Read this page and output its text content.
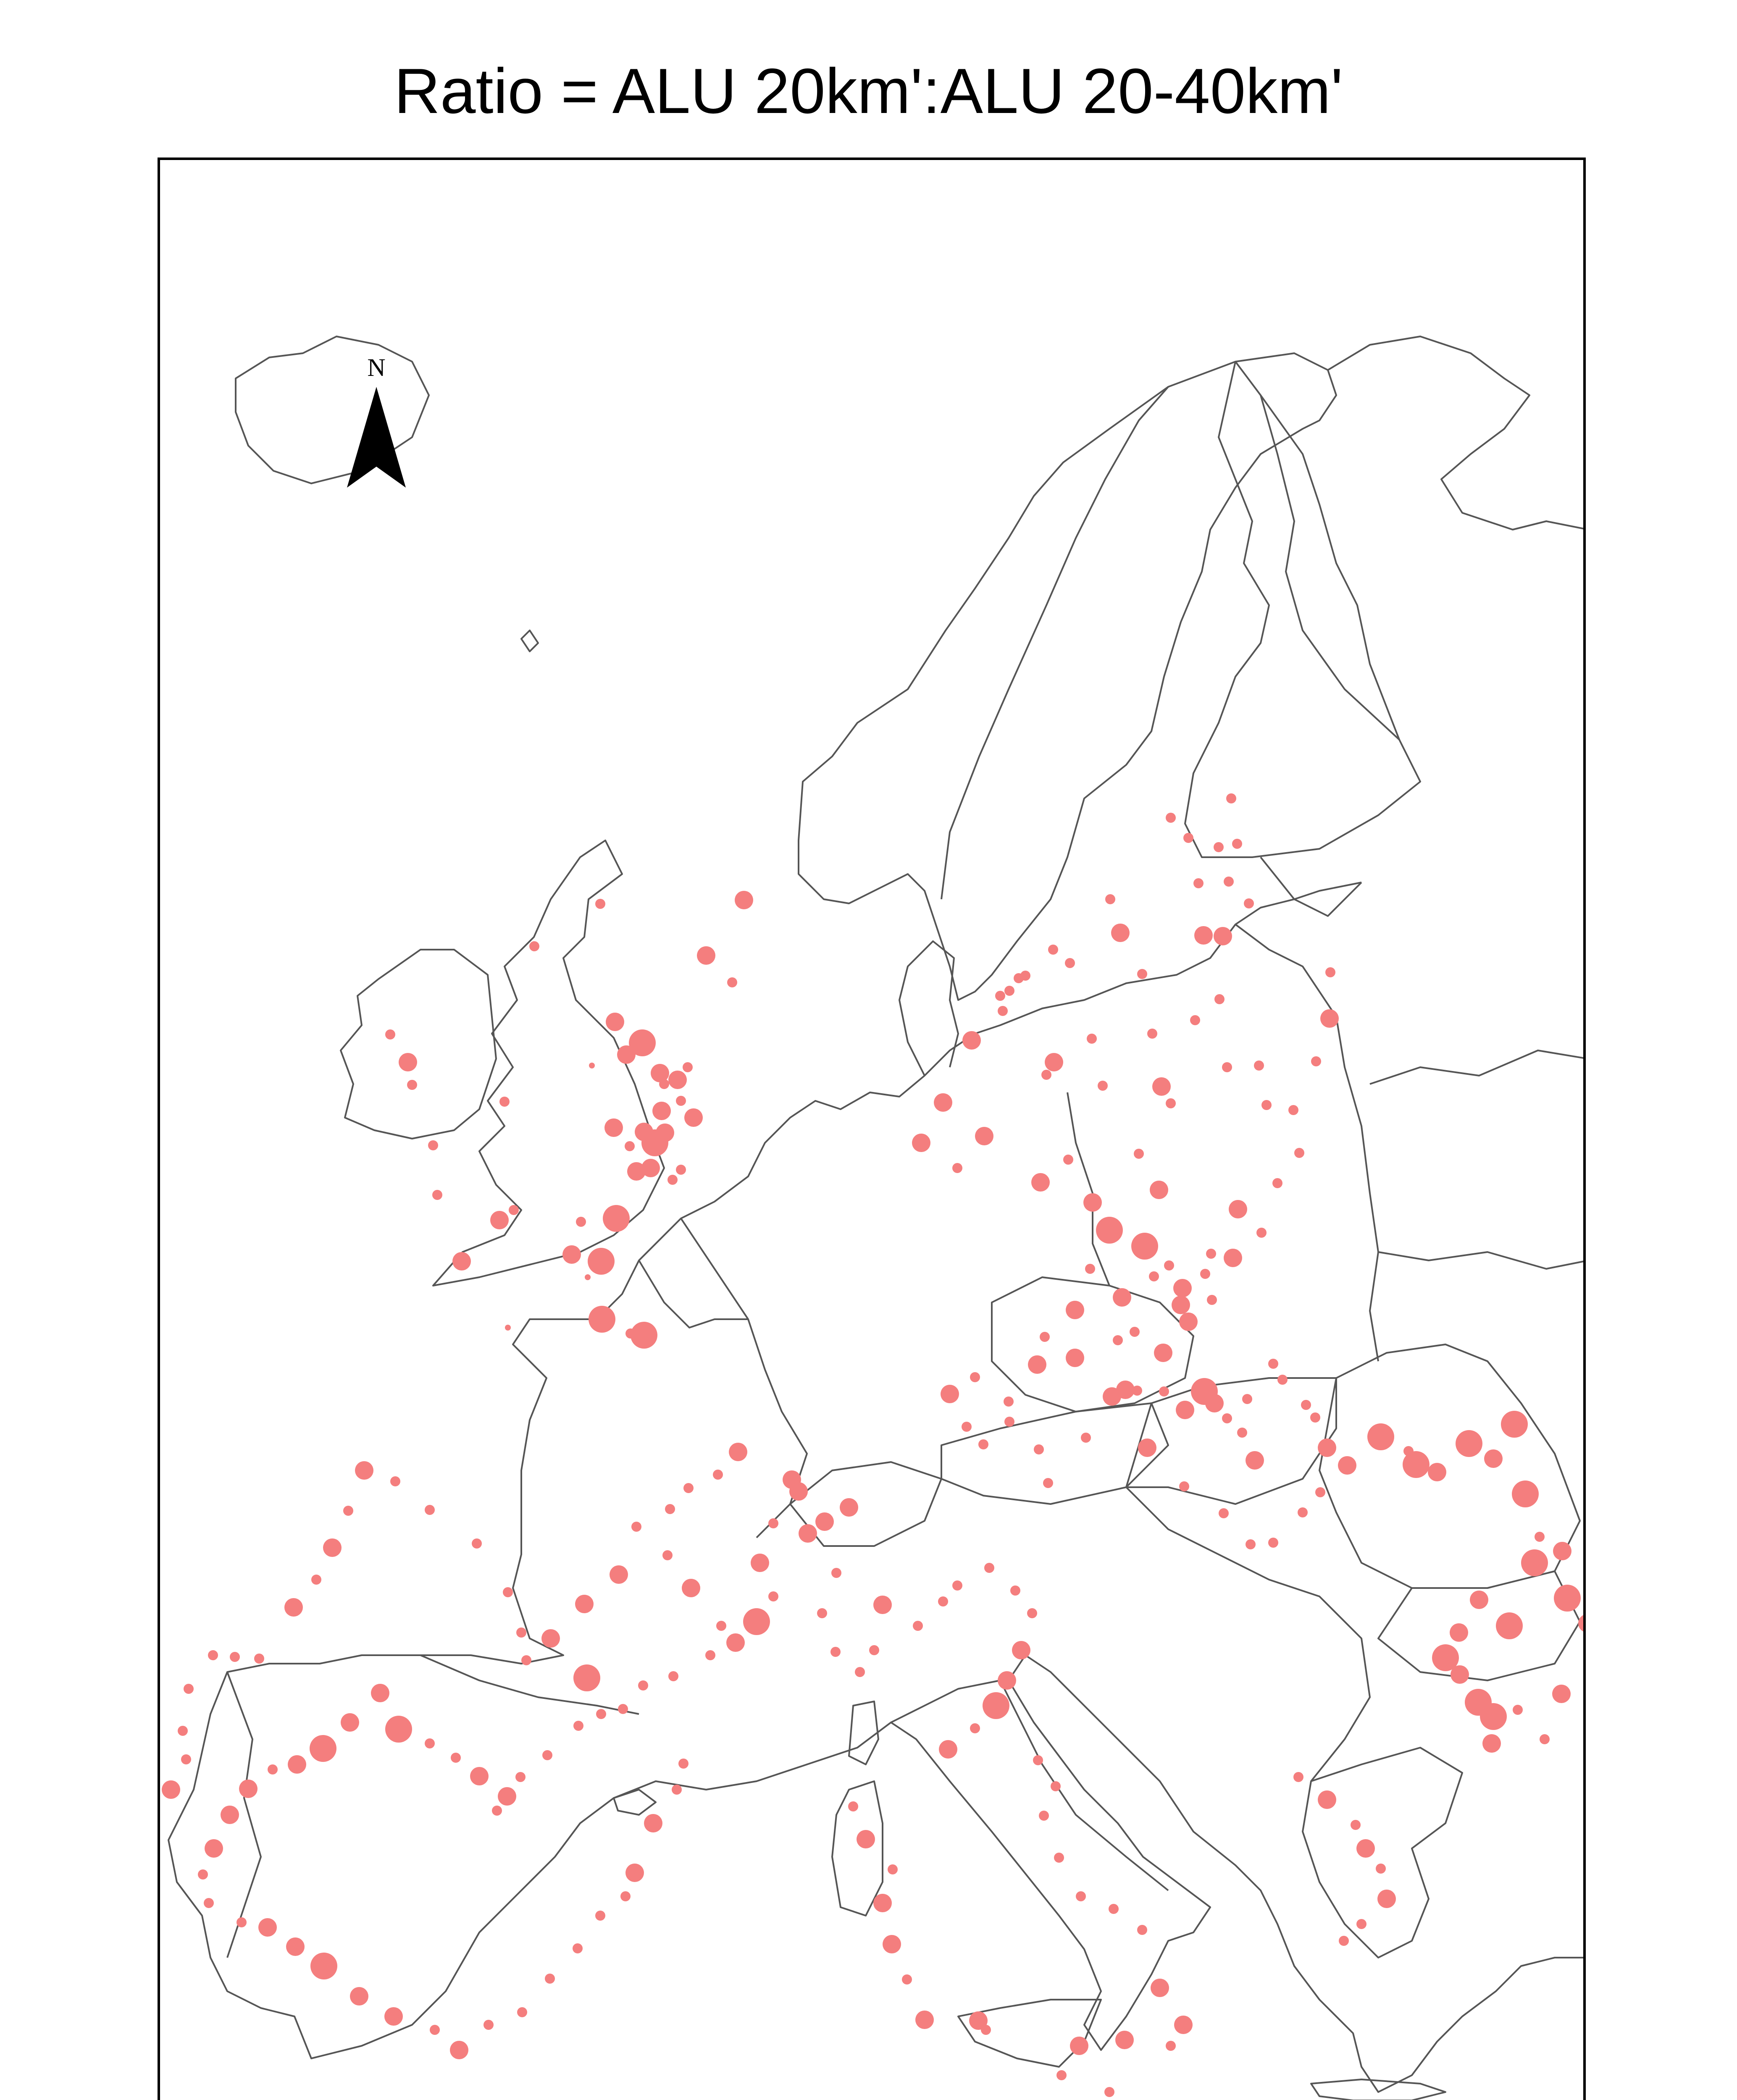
Ratio = ALU 20km':ALU 20-40km'
N
